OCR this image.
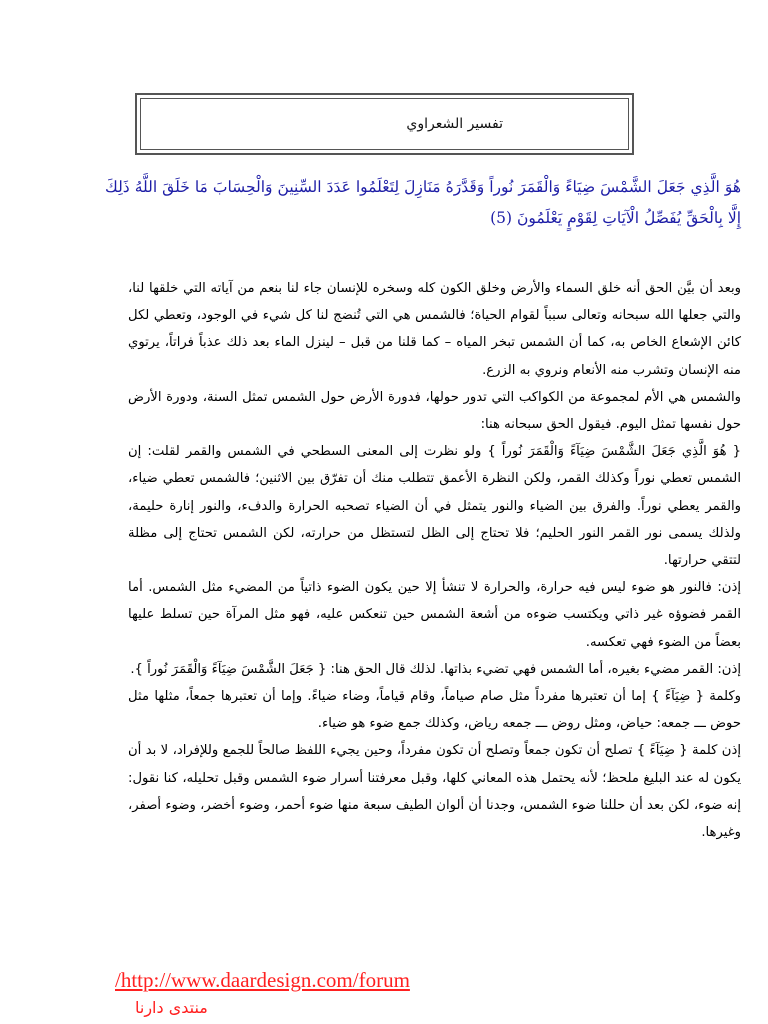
تفسير الشعراوي
هُوَ الَّذِي جَعَلَ الشَّمْسَ ضِيَاءً وَالْقَمَرَ نُوراً وَقَدَّرَهُ مَنَازِلَ لِتَعْلَمُوا عَدَدَ السِّنِينَ وَالْحِسَابَ مَا خَلَقَ اللَّهُ ذَلِكَ إِلَّا بِالْحَقِّ يُفَصِّلُ الْآيَاتِ لِقَوْمٍ يَعْلَمُونَ (5)

وبعد أن بيَّن الحق أنه خلق السماء والأرض وخلق الكون كله وسخره للإنسان جاء لنا بنعم من آياته التي خلقها لنا، والتي جعلها الله سبحانه وتعالى سبباً لقوام الحياة؛ فالشمس هي التي تُنضج لنا كل شيء في الوجود، وتعطي لكل كائن الإشعاع الخاص به، كما أن الشمس تبخر المياه – كما قلنا من قبل – لينزل الماء بعد ذلك عذباً فراتاً، يرتوي منه الإنسان وتشرب منه الأنعام ونروي به الزرع.

والشمس هي الأم لمجموعة من الكواكب التي تدور حولها، فدورة الأرض حول الشمس تمثل السنة، ودورة الأرض حول نفسها تمثل اليوم. فيقول الحق سبحانه هنا:

{ هُوَ الَّذِي جَعَلَ الشَّمْسَ ضِيَآءً وَالْقَمَرَ نُوراً } ولو نظرت إلى المعنى السطحي في الشمس والقمر لقلت: إن الشمس تعطي نوراً وكذلك القمر، ولكن النظرة الأعمق تتطلب منك أن تفرّق بين الاثنين؛ فالشمس تعطي ضياء، والقمر يعطي نوراً. والفرق بين الضياء والنور يتمثل في أن الضياء تصحبه الحرارة والدفء، والنور إنارة حليمة، ولذلك يسمى نور القمر النور الحليم؛ فلا تحتاج إلى الظل لتستظل من حرارته، لكن الشمس تحتاج إلى مظلة لتتقي حرارتها.

إذن: فالنور هو ضوء ليس فيه حرارة، والحرارة لا تنشأ إلا حين يكون الضوء ذاتياً من المضيء مثل الشمس. أما القمر فضوؤه غير ذاتي ويكتسب ضوءه من أشعة الشمس حين تنعكس عليه، فهو مثل المرآة حين تسلط عليها بعضاً من الضوء فهي تعكسه.

إذن: القمر مضيء بغيره، أما الشمس فهي تضيء بذاتها. لذلك قال الحق هنا: { جَعَلَ الشَّمْسَ ضِيَآءً وَالْقَمَرَ نُوراً }.

وكلمة { ضِيَآءً } إما أن تعتبرها مفرداً مثل صام صياماً، وقام قياماً، وضاء ضياءً. وإما أن تعتبرها جمعاً، مثلها مثل حوض ـــ جمعه: حياض، ومثل روض ـــ جمعه رياض، وكذلك جمع ضوء هو ضياء.

إذن كلمة { ضِيَآءً } تصلح أن تكون جمعاً وتصلح أن تكون مفرداً، وحين يجيء اللفظ صالحاً للجمع وللإفراد، لا بد أن يكون له عند البليغ ملحظ؛ لأنه يحتمل هذه المعاني كلها، وقبل معرفتنا أسرار ضوء الشمس وقبل تحليله، كنا نقول: إنه ضوء، لكن بعد أن حللنا ضوء الشمس، وجدنا أن ألوان الطيف سبعة منها ضوء أحمر، وضوء أخضر، وضوء أصفر، وغيرها.

/http://www.daardesign.com/forum
منتدى دارنا
